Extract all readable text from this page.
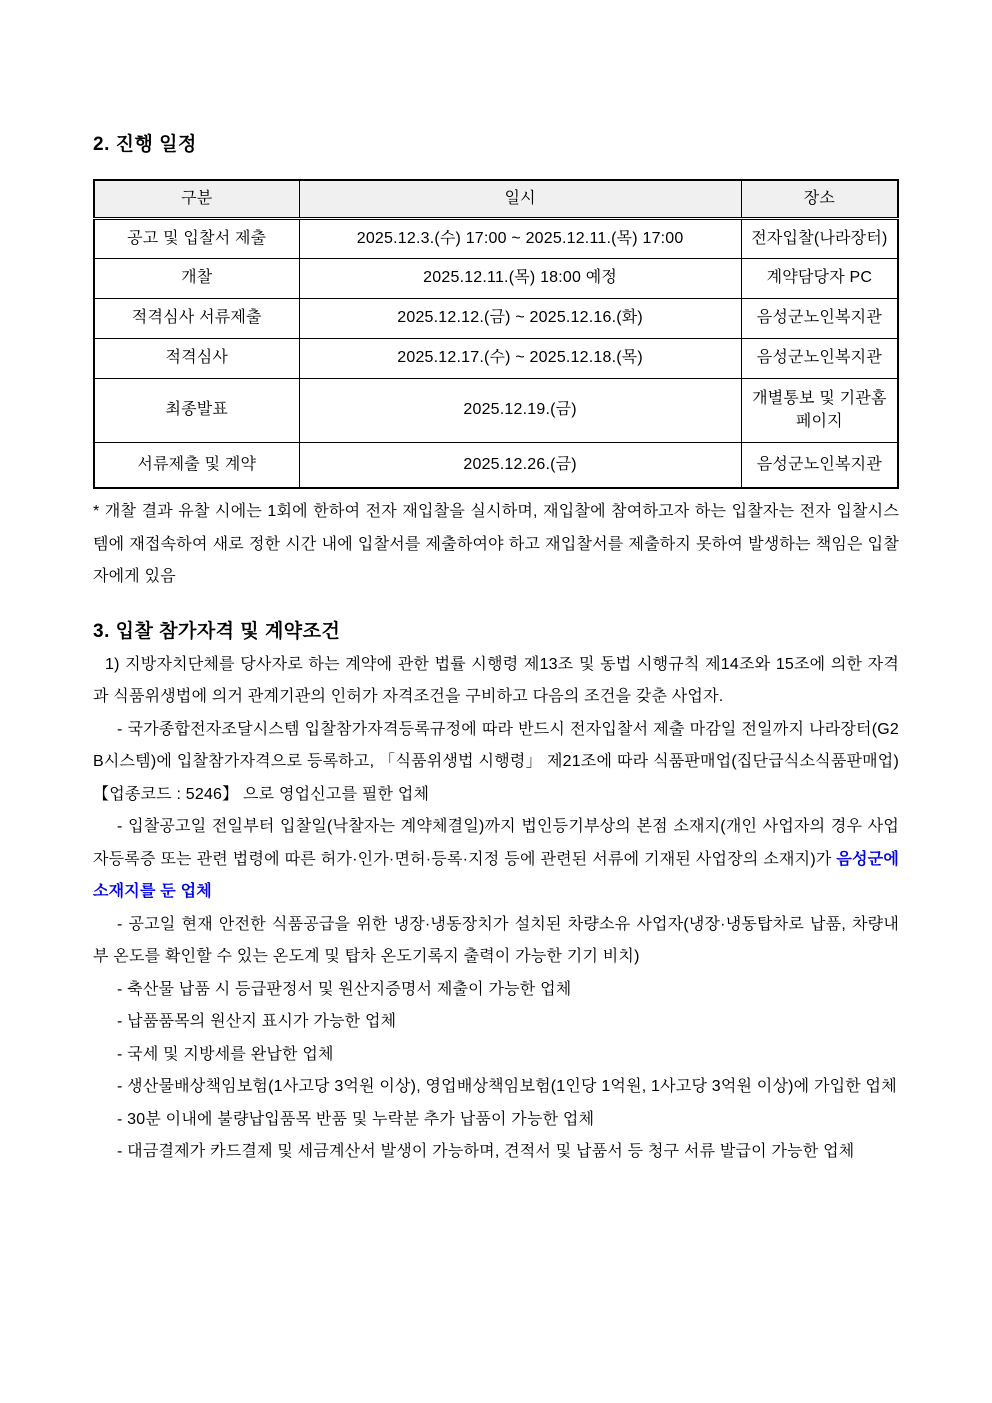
2. 진행 일정
구분	일시	장소
공고 및 입찰서 제출	2025.12.3.(수) 17:00 ~ 2025.12.11.(목) 17:00	전자입찰(나라장터)
개찰	2025.12.11.(목) 18:00 예정	계약담당자 PC
적격심사 서류제출	2025.12.12.(금) ~ 2025.12.16.(화)	음성군노인복지관
적격심사	2025.12.17.(수) ~ 2025.12.18.(목)	음성군노인복지관
최종발표	2025.12.19.(금)	개별통보 및 기관홈페이지
서류제출 및 계약	2025.12.26.(금)	음성군노인복지관

* 개찰 결과 유찰 시에는 1회에 한하여 전자 재입찰을 실시하며, 재입찰에 참여하고자 하는 입찰자는 전자 입찰시스템에 재접속하여 새로 정한 시간 내에 입찰서를 제출하여야 하고 재입찰서를 제출하지 못하여 발생하는 책임은 입찰자에게 있음

3. 입찰 참가자격 및 계약조건

1) 지방자치단체를 당사자로 하는 계약에 관한 법률 시행령 제13조 및 동법 시행규칙 제14조와 15조에 의한 자격과 식품위생법에 의거 관계기관의 인허가 자격조건을 구비하고 다음의 조건을 갖춘 사업자.

- 국가종합전자조달시스템 입찰참가자격등록규정에 따라 반드시 전자입찰서 제출 마감일 전일까지 나라장터(G2B시스템)에 입찰참가자격으로 등록하고, 「식품위생법 시행령」 제21조에 따라 식품판매업(집단급식소식품판매업) 【업종코드 : 5246】 으로 영업신고를 필한 업체

- 입찰공고일 전일부터 입찰일(낙찰자는 계약체결일)까지 법인등기부상의 본점 소재지(개인 사업자의 경우 사업자등록증 또는 관련 법령에 따른 허가·인가·면허·등록·지정 등에 관련된 서류에 기재된 사업장의 소재지)가 음성군에 소재지를 둔 업체

- 공고일 현재 안전한 식품공급을 위한 냉장·냉동장치가 설치된 차량소유 사업자(냉장·냉동탑차로 납품, 차량내부 온도를 확인할 수 있는 온도계 및 탑차 온도기록지 출력이 가능한 기기 비치)

- 축산물 납품 시 등급판정서 및 원산지증명서 제출이 가능한 업체

- 납품품목의 원산지 표시가 가능한 업체

- 국세 및 지방세를 완납한 업체

- 생산물배상책임보험(1사고당 3억원 이상), 영업배상책임보험(1인당 1억원, 1사고당 3억원 이상)에 가입한 업체

- 30분 이내에 불량납입품목 반품 및 누락분 추가 납품이 가능한 업체

- 대금결제가 카드결제 및 세금계산서 발생이 가능하며, 견적서 및 납품서 등 청구 서류 발급이 가능한 업체
